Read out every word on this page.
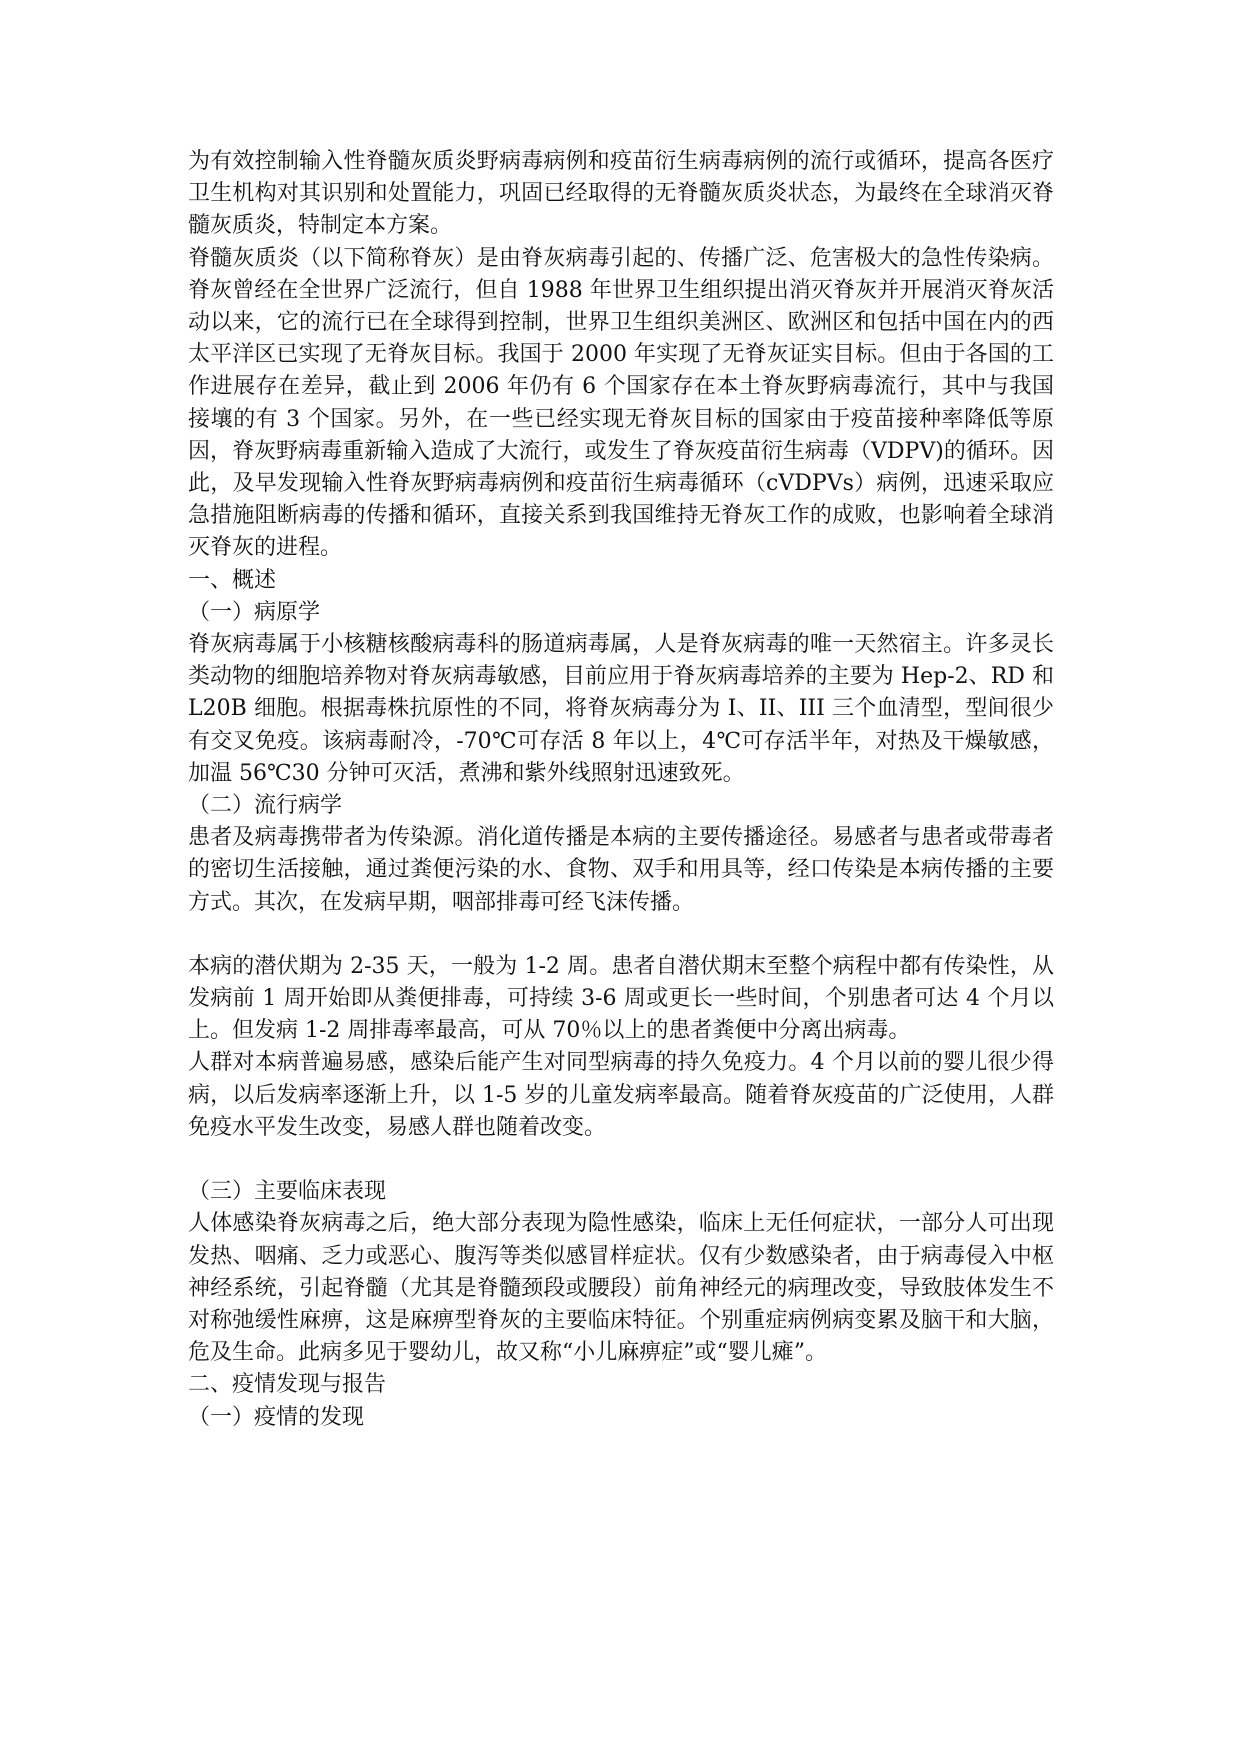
为有效控制输入性脊髓灰质炎野病毒病例和疫苗衍生病毒病例的流行或循环，提高各医疗卫生机构对其识别和处置能力，巩固已经取得的无脊髓灰质炎状态，为最终在全球消灭脊髓灰质炎，特制定本方案。

脊髓灰质炎（以下简称脊灰）是由脊灰病毒引起的、传播广泛、危害极大的急性传染病。脊灰曾经在全世界广泛流行，但自 1988 年世界卫生组织提出消灭脊灰并开展消灭脊灰活动以来，它的流行已在全球得到控制，世界卫生组织美洲区、欧洲区和包括中国在内的西太平洋区已实现了无脊灰目标。我国于 2000 年实现了无脊灰证实目标。但由于各国的工作进展存在差异，截止到 2006 年仍有 6 个国家存在本土脊灰野病毒流行，其中与我国接壤的有 3 个国家。另外，在一些已经实现无脊灰目标的国家由于疫苗接种率降低等原因，脊灰野病毒重新输入造成了大流行，或发生了脊灰疫苗衍生病毒（VDPV)的循环。因此，及早发现输入性脊灰野病毒病例和疫苗衍生病毒循环（cVDPVs）病例，迅速采取应急措施阻断病毒的传播和循环，直接关系到我国维持无脊灰工作的成败，也影响着全球消灭脊灰的进程。

一、概述

（一）病原学

脊灰病毒属于小核糖核酸病毒科的肠道病毒属，人是脊灰病毒的唯一天然宿主。许多灵长类动物的细胞培养物对脊灰病毒敏感，目前应用于脊灰病毒培养的主要为 Hep-2、RD 和 L20B 细胞。根据毒株抗原性的不同，将脊灰病毒分为 I、II、III 三个血清型，型间很少有交叉免疫。该病毒耐冷，-70℃可存活 8 年以上，4℃可存活半年，对热及干燥敏感，加温 56℃30 分钟可灭活，煮沸和紫外线照射迅速致死。

（二）流行病学

患者及病毒携带者为传染源。消化道传播是本病的主要传播途径。易感者与患者或带毒者的密切生活接触，通过粪便污染的水、食物、双手和用具等，经口传染是本病传播的主要方式。其次，在发病早期，咽部排毒可经飞沫传播。

本病的潜伏期为 2-35 天，一般为 1-2 周。患者自潜伏期末至整个病程中都有传染性，从发病前 1 周开始即从粪便排毒，可持续 3-6 周或更长一些时间，个别患者可达 4 个月以上。但发病 1-2 周排毒率最高，可从 70％以上的患者粪便中分离出病毒。

人群对本病普遍易感，感染后能产生对同型病毒的持久免疫力。4 个月以前的婴儿很少得病，以后发病率逐渐上升，以 1-5 岁的儿童发病率最高。随着脊灰疫苗的广泛使用，人群免疫水平发生改变，易感人群也随着改变。

（三）主要临床表现

人体感染脊灰病毒之后，绝大部分表现为隐性感染，临床上无任何症状，一部分人可出现发热、咽痛、乏力或恶心、腹泻等类似感冒样症状。仅有少数感染者，由于病毒侵入中枢神经系统，引起脊髓（尤其是脊髓颈段或腰段）前角神经元的病理改变，导致肢体发生不对称弛缓性麻痹，这是麻痹型脊灰的主要临床特征。个别重症病例病变累及脑干和大脑，危及生命。此病多见于婴幼儿，故又称“小儿麻痹症”或“婴儿瘫”。

二、疫情发现与报告

（一）疫情的发现
